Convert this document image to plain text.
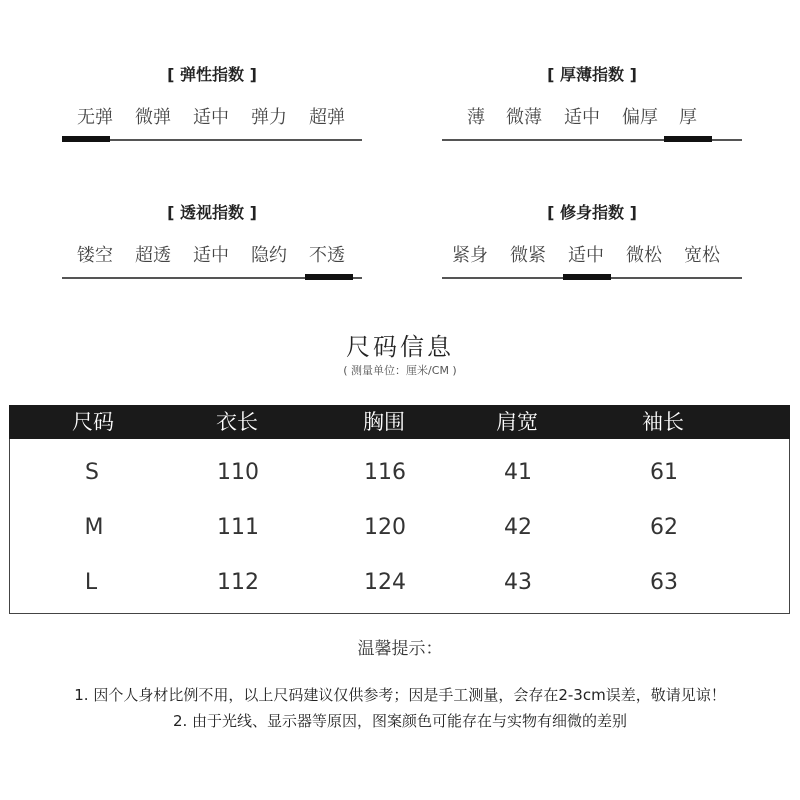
[ 弹性指数 ]
无弹	微弹	适中	弹力	超弹
[ 厚薄指数 ]
薄	微薄	适中	偏厚	厚
[ 透视指数 ]
镂空	超透	适中	隐约	不透
[ 修身指数 ]
紧身	微紧	适中	微松	宽松
尺码信息
( 测量单位：厘米/CM )
尺码	衣长	胸围	肩宽	袖长
S	110	116	41	61
M	111	120	42	62
L	112	124	43	63
温馨提示：
1. 因个人身材比例不用，以上尺码建议仅供参考；因是手工测量，会存在2-3cm误差，敬请见谅！
2. 由于光线、显示器等原因，图案颜色可能存在与实物有细微的差别
